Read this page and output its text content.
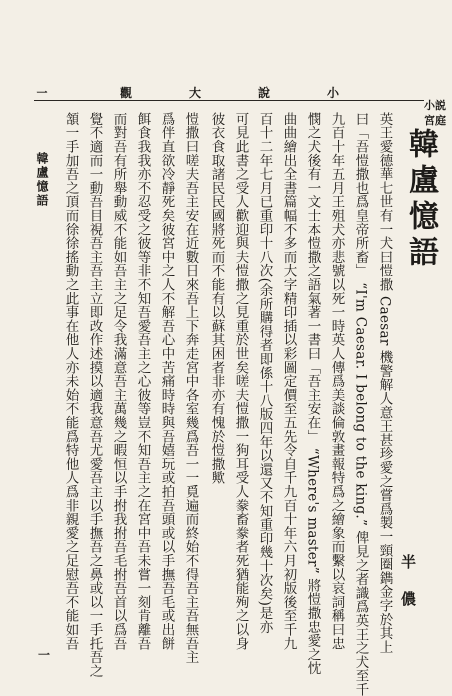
一	觀	大	說	小
小説
宮庭
韓盧憶語
半儂
英王愛德華七世有一犬曰愷撒 Caesar 機警解人意王甚珍愛之嘗爲製一頸圈鐫金字於其上
曰「吾愷撒也爲皇帝所畜」 “I'm Caesar. I belong to the king.” 俾見之者識爲英王之犬至千
九百十年五月王殂犬亦悲號以死一時英人傳爲美談倫敦畫報特爲之繪象而繫以哀詞稱曰忠
憫之犬後有一文士本愷撒之語氣著一書曰「吾主安在」 “Where's master” 將愷撒忠愛之忱
曲曲繪出全書篇幅不多而大字精印插以彩圖定價至五先令自千九百十年六月初版後至千九
百十二年七月已重印十八次(余所購得者即係十八版四年以還又不知重印幾十次矣)是亦
可見此書之受人歡迎與夫愷撒之見重於世矣嗟夫愷撒一狗耳受人豢畜豢者死猶能殉之以身
彼衣食取諸民民國將死而不能有以蘇其困者非亦有愧於愷撒歟
愷撒曰嗟夫吾主安在近數日來吾上下奔走宮中各室幾爲吾一一覓遍而終始不得吾主吾無吾主
爲伴直欲冷靜死矣彼宮中之人不解吾心中苦痛時時與吾嬉玩或拍吾頭或以手撫吾毛或出餅
餌食我我亦不忍受之彼等非不知吾愛吾主之心彼等豈不知吾主之在宮中吾未嘗一刻肯離吾
而對吾有所舉動威不能如吾主之足令我滿意吾主萬幾之暇恒以手拊我拊吾毛拊吾首以爲吾
覺不適而一動吾目視吾主吾主立即改作述摸以適我意吾尤愛吾主以手撫吾之鼻或以一手托吾之
頷一手加吾之頂而徐徐搖動之此事在他人亦未始不能爲特他人爲非親愛之足慰吾不能如吾
韓盧憶語
一
